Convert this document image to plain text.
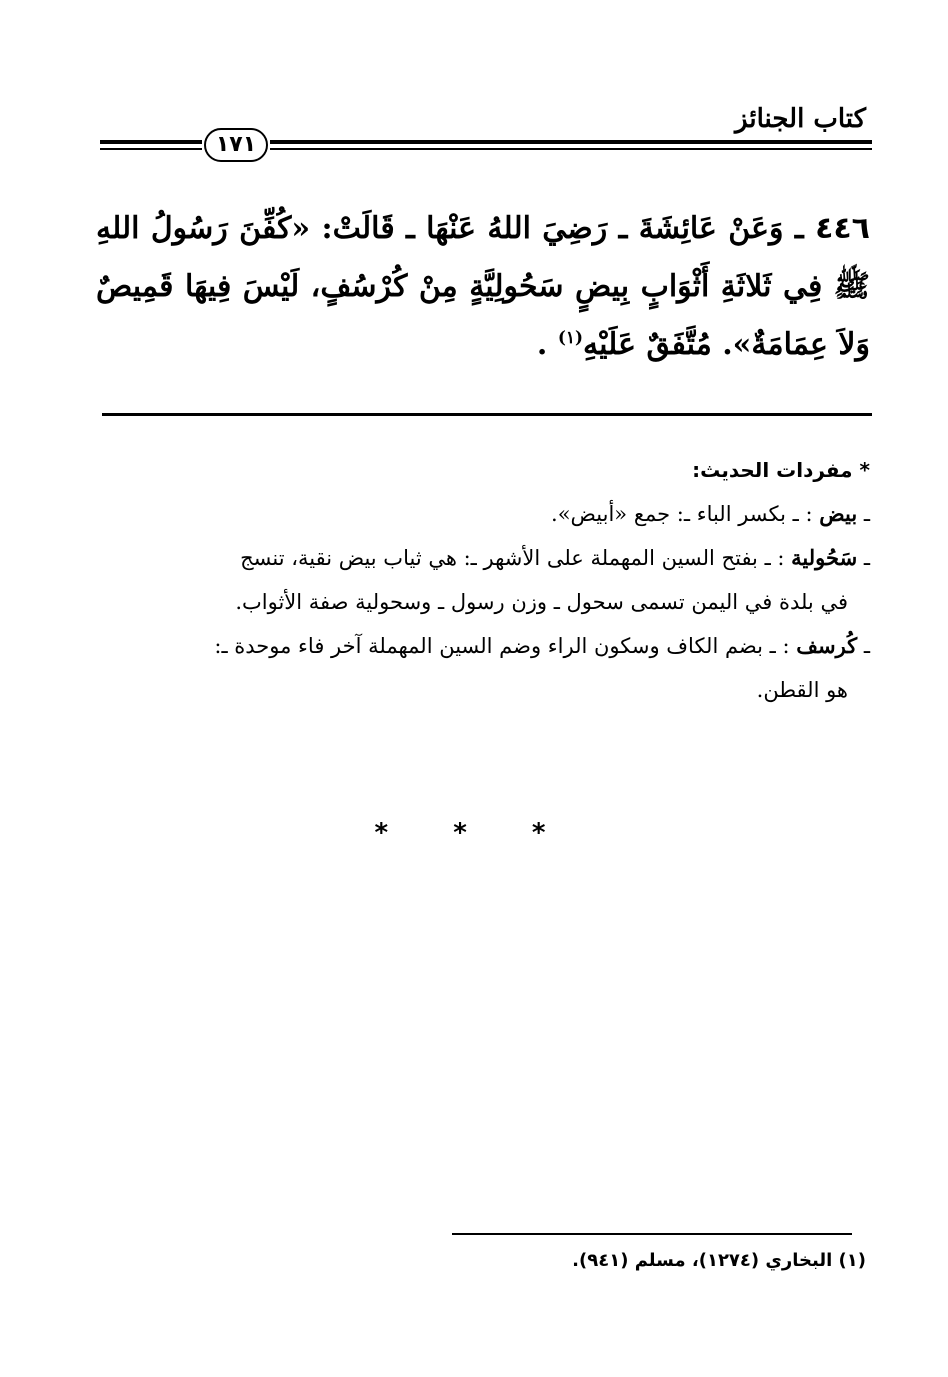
كتاب الجنائز
١٧١
٤٤٦ ـ وَعَنْ عَائِشَةَ ـ رَضِيَ اللهُ عَنْهَا ـ قَالَتْ: «كُفِّنَ رَسُولُ اللهِ ﷺ فِي ثَلاثَةِ أَثْوَابٍ بِيضٍ سَحُولِيَّةٍ مِنْ كُرْسُفٍ، لَيْسَ فِيهَا قَمِيصٌ وَلاَ عِمَامَةٌ». مُتَّفَقٌ عَلَيْهِ$^{(١)}$ .
* مفردات الحديث:
ـ بيض : ـ بكسر الباء ـ: جمع «أبيض».
ـ سَحُولية : ـ بفتح السين المهملة على الأشهر ـ: هي ثياب بيض نقية، تنسج
في بلدة في اليمن تسمى سحول ـ وزن رسول ـ وسحولية صفة الأثواب.
ـ كُرسف : ـ بضم الكاف وسكون الراء وضم السين المهملة آخر فاء موحدة ـ:
هو القطن.
* * *
(١) البخاري (١٢٧٤)، مسلم (٩٤١).
